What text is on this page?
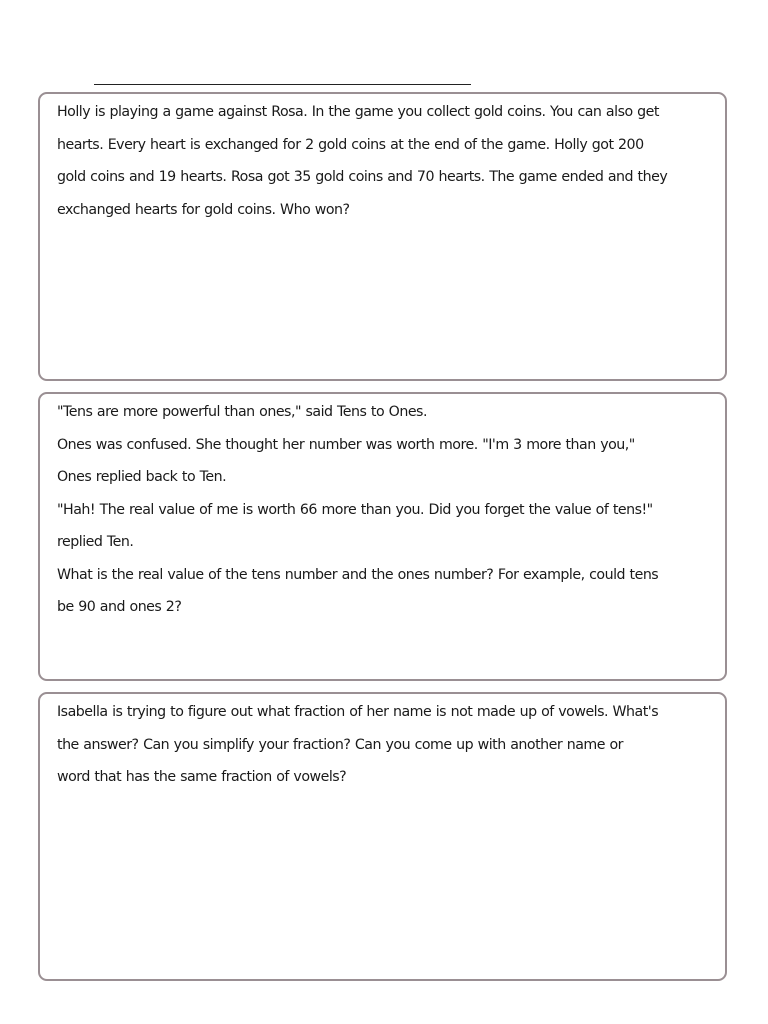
Holly is playing a game against Rosa. In the game you collect gold coins. You can also get
hearts. Every heart is exchanged for 2 gold coins at the end of the game. Holly got 200
gold coins and 19 hearts. Rosa got 35 gold coins and 70 hearts. The game ended and they
exchanged hearts for gold coins. Who won?
"Tens are more powerful than ones," said Tens to Ones.
Ones was confused. She thought her number was worth more. "I'm 3 more than you,"
Ones replied back to Ten.
"Hah! The real value of me is worth 66 more than you. Did you forget the value of tens!"
replied Ten.
What is the real value of the tens number and the ones number? For example, could tens
be 90 and ones 2?
Isabella is trying to figure out what fraction of her name is not made up of vowels. What's
the answer? Can you simplify your fraction? Can you come up with another name or
word that has the same fraction of vowels?
